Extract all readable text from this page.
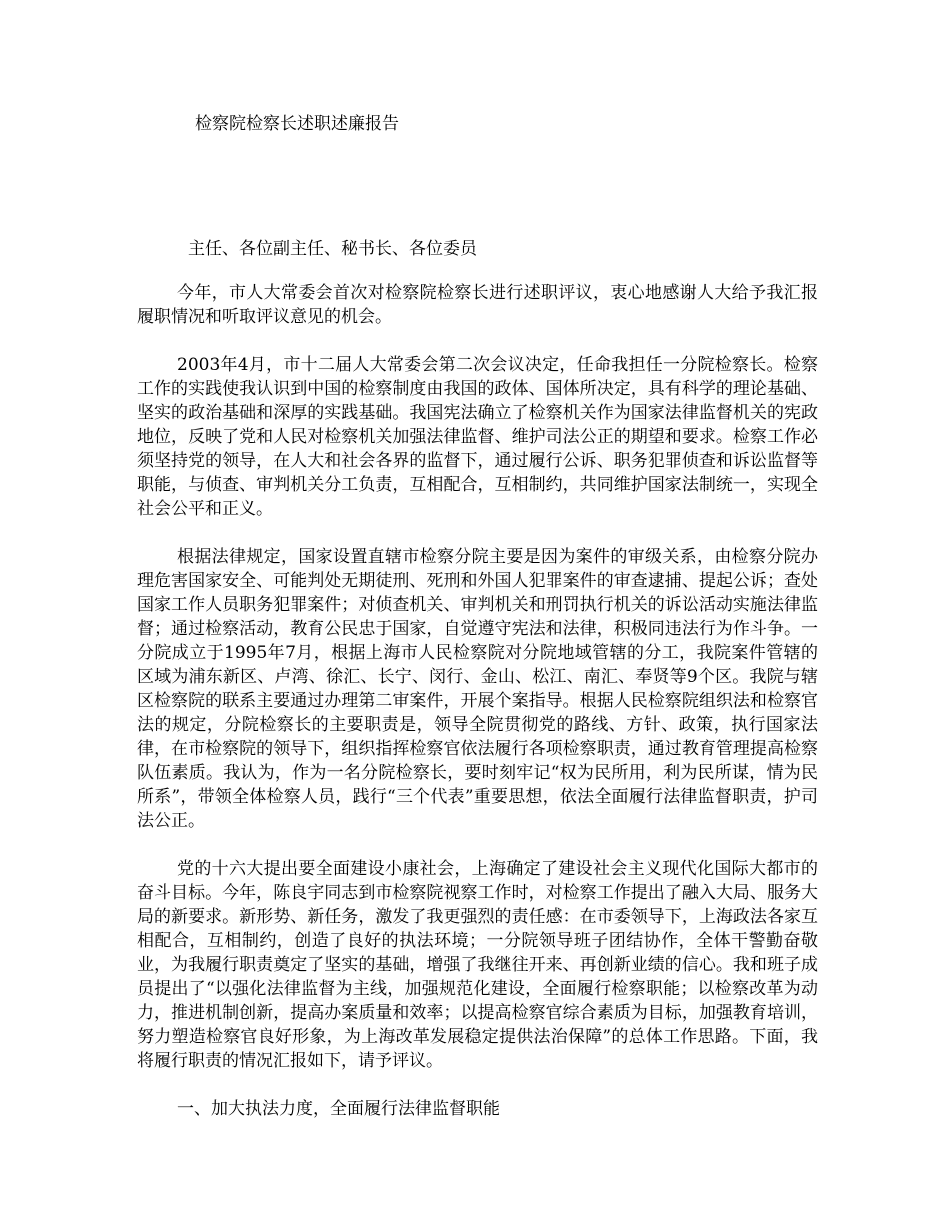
检察院检察长述职述廉报告
主任、各位副主任、秘书长、各位委员

今年，市人大常委会首次对检察院检察长进行述职评议，衷心地感谢人大给予我汇报履职情况和听取评议意见的机会。

2003年4月，市十二届人大常委会第二次会议决定，任命我担任一分院检察长。检察工作的实践使我认识到中国的检察制度由我国的政体、国体所决定，具有科学的理论基础、坚实的政治基础和深厚的实践基础。我国宪法确立了检察机关作为国家法律监督机关的宪政地位，反映了党和人民对检察机关加强法律监督、维护司法公正的期望和要求。检察工作必须坚持党的领导，在人大和社会各界的监督下，通过履行公诉、职务犯罪侦查和诉讼监督等职能，与侦查、审判机关分工负责，互相配合，互相制约，共同维护国家法制统一，实现全社会公平和正义。

根据法律规定，国家设置直辖市检察分院主要是因为案件的审级关系，由检察分院办理危害国家安全、可能判处无期徒刑、死刑和外国人犯罪案件的审查逮捕、提起公诉；查处国家工作人员职务犯罪案件；对侦查机关、审判机关和刑罚执行机关的诉讼活动实施法律监督；通过检察活动，教育公民忠于国家，自觉遵守宪法和法律，积极同违法行为作斗争。一分院成立于1995年7月，根据上海市人民检察院对分院地域管辖的分工，我院案件管辖的区域为浦东新区、卢湾、徐汇、长宁、闵行、金山、松江、南汇、奉贤等9个区。我院与辖区检察院的联系主要通过办理第二审案件，开展个案指导。根据人民检察院组织法和检察官法的规定，分院检察长的主要职责是，领导全院贯彻党的路线、方针、政策，执行国家法律，在市检察院的领导下，组织指挥检察官依法履行各项检察职责，通过教育管理提高检察队伍素质。我认为，作为一名分院检察长，要时刻牢记“权为民所用，利为民所谋，情为民所系”，带领全体检察人员，践行“三个代表”重要思想，依法全面履行法律监督职责，护司法公正。

党的十六大提出要全面建设小康社会，上海确定了建设社会主义现代化国际大都市的奋斗目标。今年，陈良宇同志到市检察院视察工作时，对检察工作提出了融入大局、服务大局的新要求。新形势、新任务，激发了我更强烈的责任感：在市委领导下，上海政法各家互相配合，互相制约，创造了良好的执法环境；一分院领导班子团结协作，全体干警勤奋敬业，为我履行职责奠定了坚实的基础，增强了我继往开来、再创新业绩的信心。我和班子成员提出了“以强化法律监督为主线，加强规范化建设，全面履行检察职能；以检察改革为动力，推进机制创新，提高办案质量和效率；以提高检察官综合素质为目标，加强教育培训，努力塑造检察官良好形象，为上海改革发展稳定提供法治保障”的总体工作思路。下面，我将履行职责的情况汇报如下，请予评议。

一、加大执法力度，全面履行法律监督职能
